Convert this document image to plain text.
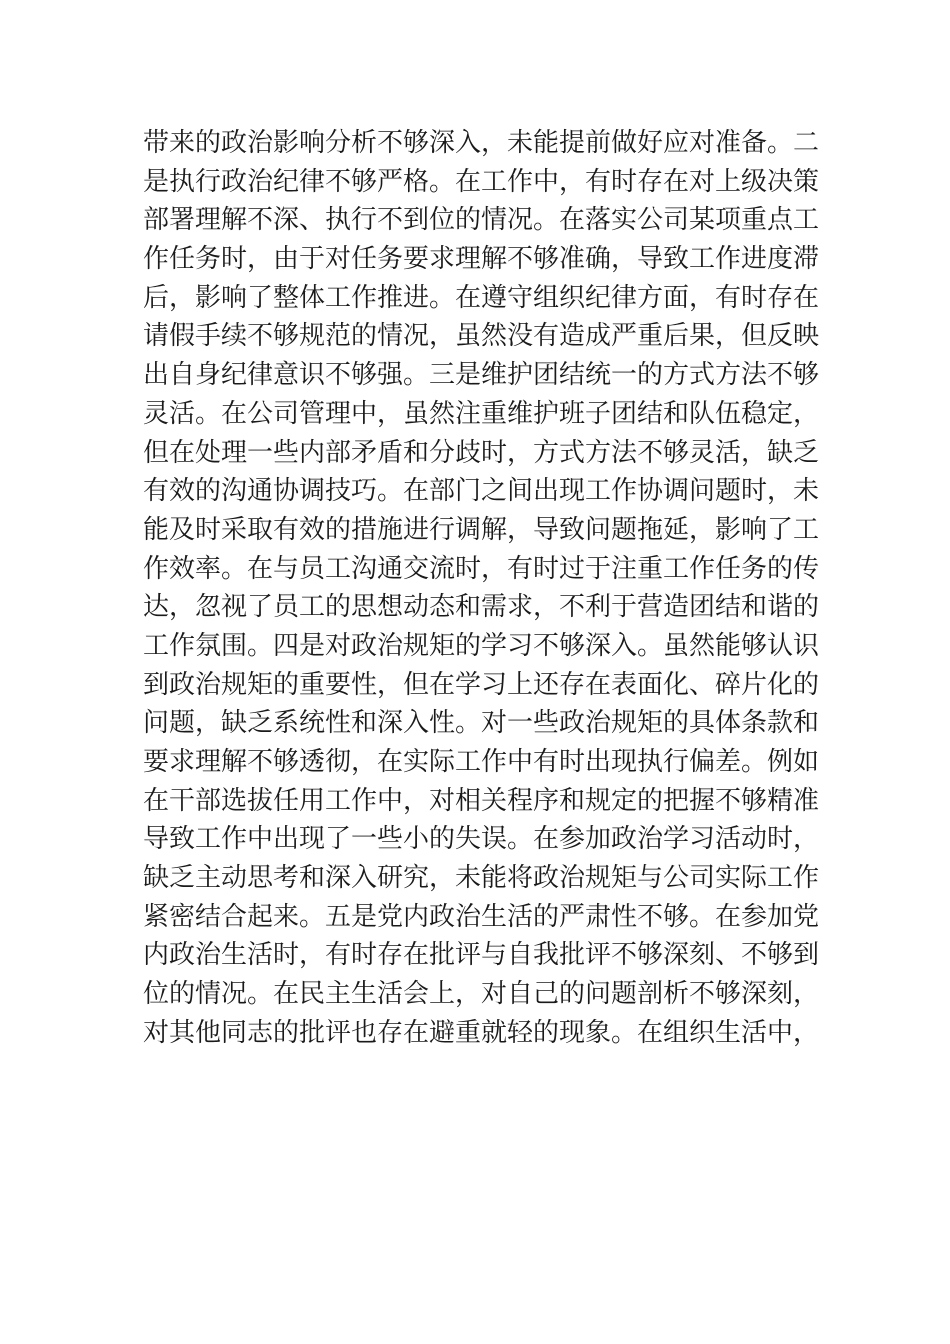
带来的政治影响分析不够深入，未能提前做好应对准备。二
是执行政治纪律不够严格。在工作中，有时存在对上级决策
部署理解不深、执行不到位的情况。在落实公司某项重点工
作任务时，由于对任务要求理解不够准确，导致工作进度滞
后，影响了整体工作推进。在遵守组织纪律方面，有时存在
请假手续不够规范的情况，虽然没有造成严重后果，但反映
出自身纪律意识不够强。三是维护团结统一的方式方法不够
灵活。在公司管理中，虽然注重维护班子团结和队伍稳定，
但在处理一些内部矛盾和分歧时，方式方法不够灵活，缺乏
有效的沟通协调技巧。在部门之间出现工作协调问题时，未
能及时采取有效的措施进行调解，导致问题拖延，影响了工
作效率。在与员工沟通交流时，有时过于注重工作任务的传
达，忽视了员工的思想动态和需求，不利于营造团结和谐的
工作氛围。四是对政治规矩的学习不够深入。虽然能够认识
到政治规矩的重要性，但在学习上还存在表面化、碎片化的
问题，缺乏系统性和深入性。对一些政治规矩的具体条款和
要求理解不够透彻，在实际工作中有时出现执行偏差。例如
在干部选拔任用工作中，对相关程序和规定的把握不够精准
导致工作中出现了一些小的失误。在参加政治学习活动时，
缺乏主动思考和深入研究，未能将政治规矩与公司实际工作
紧密结合起来。五是党内政治生活的严肃性不够。在参加党
内政治生活时，有时存在批评与自我批评不够深刻、不够到
位的情况。在民主生活会上，对自己的问题剖析不够深刻，
对其他同志的批评也存在避重就轻的现象。在组织生活中，
